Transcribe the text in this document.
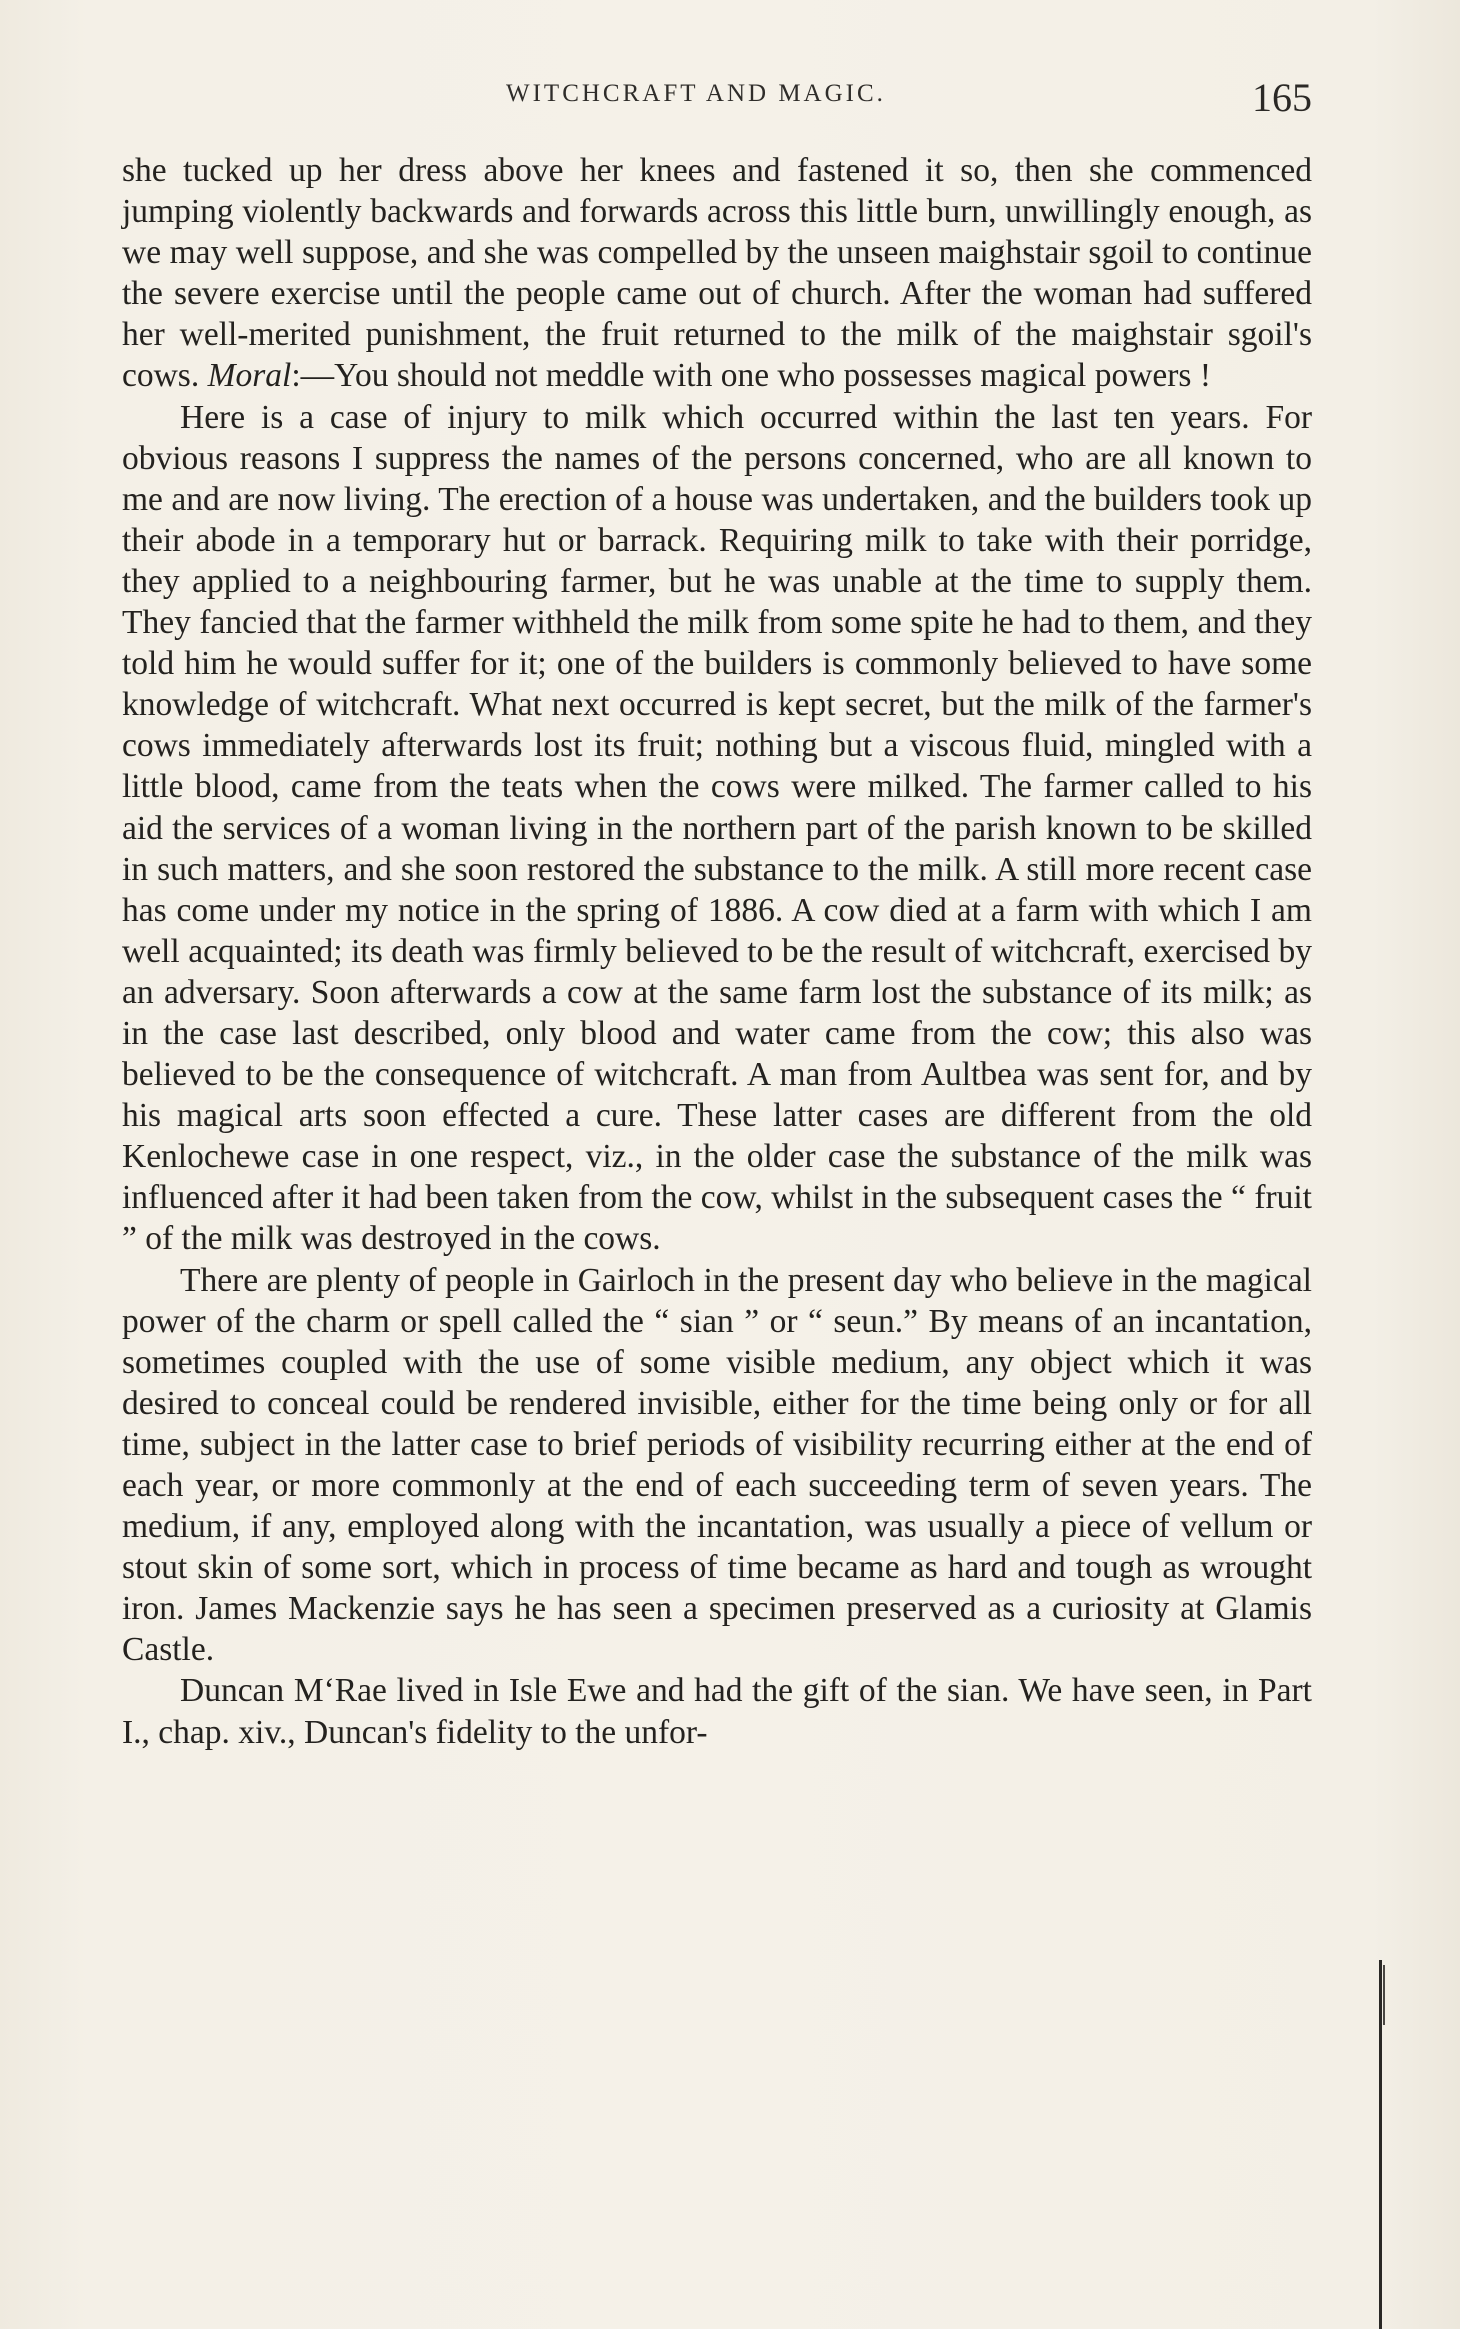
WITCHCRAFT AND MAGIC.	165

she tucked up her dress above her knees and fastened it so, then she commenced jumping violently backwards and forwards across this little burn, unwillingly enough, as we may well suppose, and she was compelled by the unseen maighstair sgoil to continue the severe exercise until the people came out of church. After the woman had suffered her well-merited punishment, the fruit returned to the milk of the maighstair sgoil's cows. Moral:—You should not meddle with one who possesses magical powers !

Here is a case of injury to milk which occurred within the last ten years. For obvious reasons I suppress the names of the persons concerned, who are all known to me and are now living. The erection of a house was undertaken, and the builders took up their abode in a temporary hut or barrack. Requiring milk to take with their porridge, they applied to a neighbouring farmer, but he was unable at the time to supply them. They fancied that the farmer withheld the milk from some spite he had to them, and they told him he would suffer for it; one of the builders is commonly believed to have some knowledge of witchcraft. What next occurred is kept secret, but the milk of the farmer's cows immediately afterwards lost its fruit; nothing but a viscous fluid, mingled with a little blood, came from the teats when the cows were milked. The farmer called to his aid the services of a woman living in the northern part of the parish known to be skilled in such matters, and she soon restored the substance to the milk. A still more recent case has come under my notice in the spring of 1886. A cow died at a farm with which I am well acquainted; its death was firmly believed to be the result of witchcraft, exercised by an adversary. Soon afterwards a cow at the same farm lost the substance of its milk; as in the case last described, only blood and water came from the cow; this also was believed to be the consequence of witchcraft. A man from Aultbea was sent for, and by his magical arts soon effected a cure. These latter cases are different from the old Kenlochewe case in one respect, viz., in the older case the substance of the milk was influenced after it had been taken from the cow, whilst in the subsequent cases the “ fruit ” of the milk was destroyed in the cows.

There are plenty of people in Gairloch in the present day who believe in the magical power of the charm or spell called the “ sian ” or “ seun.” By means of an incantation, sometimes coupled with the use of some visible medium, any object which it was desired to conceal could be rendered invisible, either for the time being only or for all time, subject in the latter case to brief periods of visibility recurring either at the end of each year, or more commonly at the end of each succeeding term of seven years. The medium, if any, employed along with the incantation, was usually a piece of vellum or stout skin of some sort, which in process of time became as hard and tough as wrought iron. James Mackenzie says he has seen a specimen preserved as a curiosity at Glamis Castle.

Duncan M‘Rae lived in Isle Ewe and had the gift of the sian. We have seen, in Part I., chap. xiv., Duncan's fidelity to the unfor-
